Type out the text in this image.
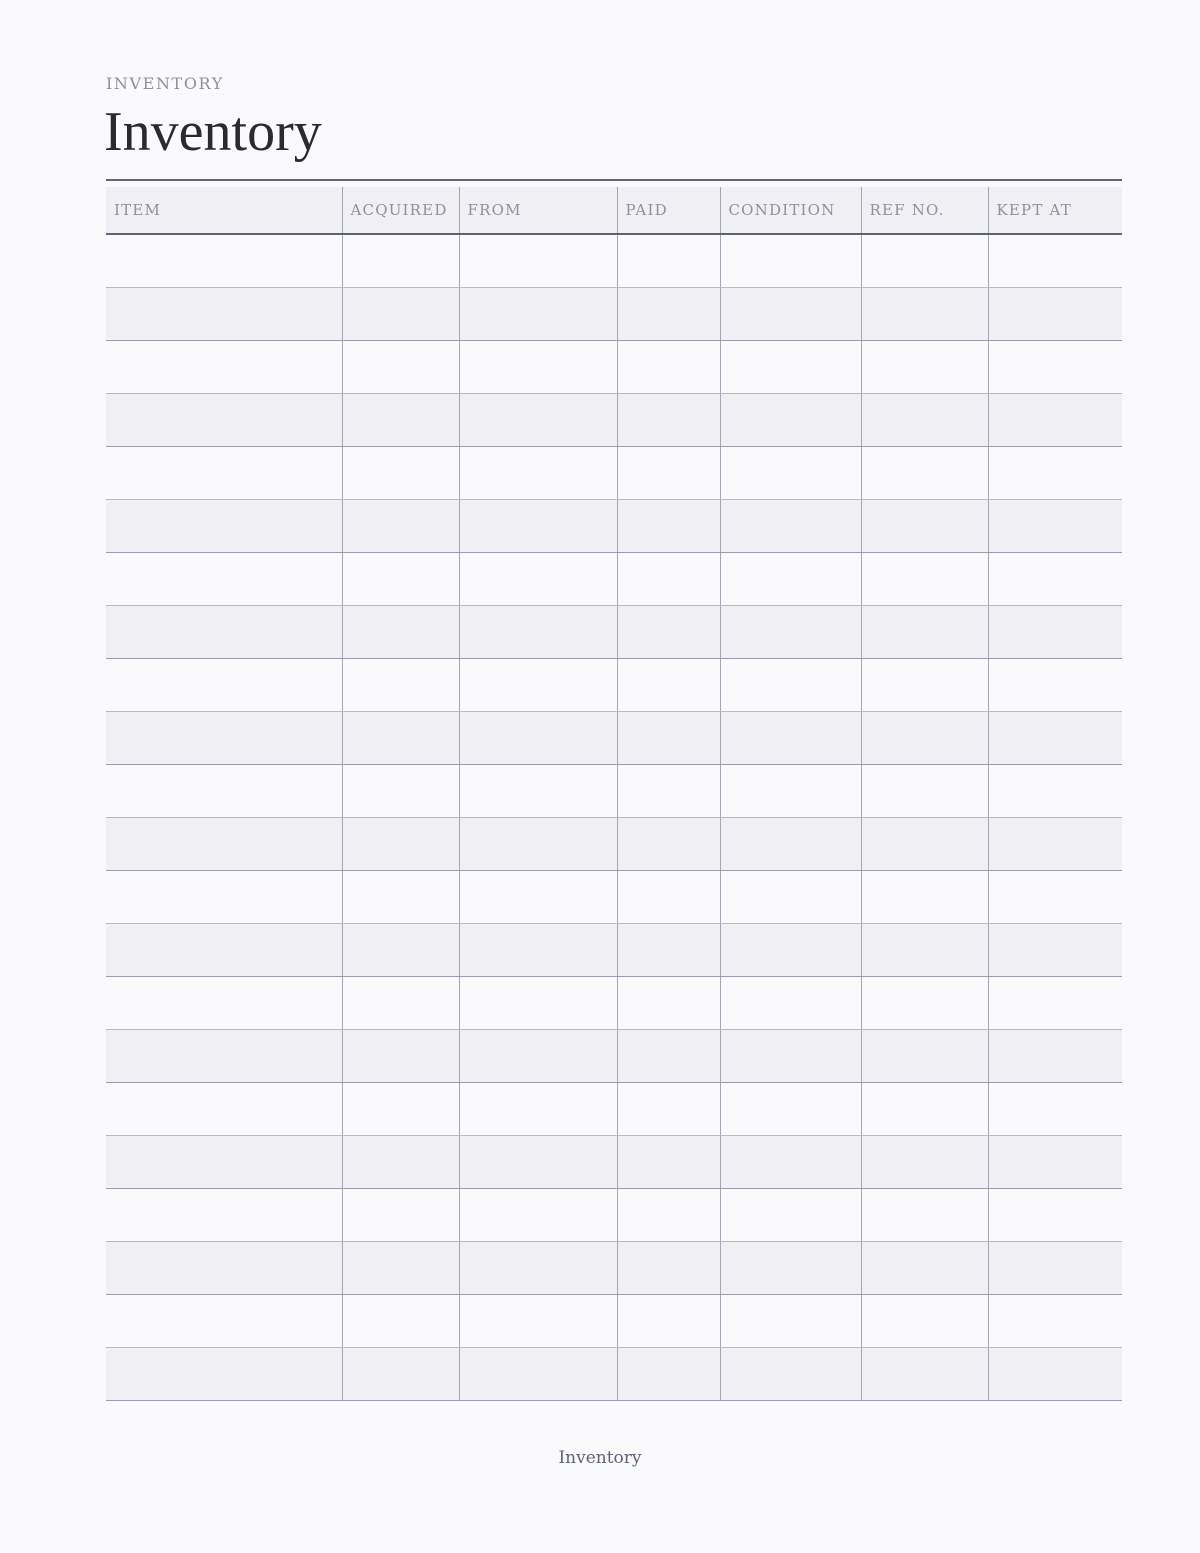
INVENTORY
Inventory
ITEM	ACQUIRED	FROM	PAID	CONDITION	REF NO.	KEPT AT

Inventory
